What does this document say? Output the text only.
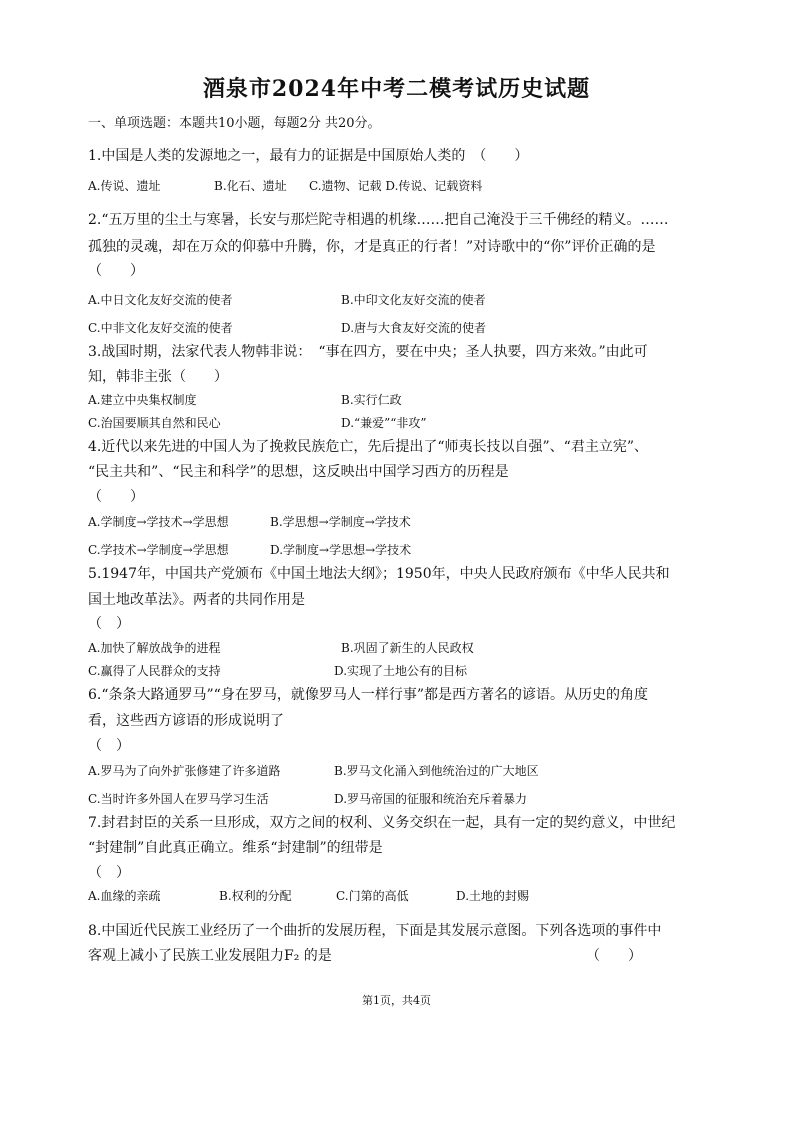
酒泉市2024年中考二模考试历史试题
一、单项选题：本题共10小题，每题2分 共20分。
1.中国是人类的发源地之一，最有力的证据是中国原始人类的　（　　）
A.传说、遗址	B.化石、遗址 C.遗物、记载 D.传说、记载资料
2.“五万里的尘土与寒暑，长安与那烂陀寺相遇的机缘……把自己淹没于三千佛经的精义。……
孤独的灵魂，却在万众的仰慕中升腾，你，才是真正的行者！”对诗歌中的“你”评价正确的是
（　　）
A.中日文化友好交流的使者	B.中印文化友好交流的使者
C.中非文化友好交流的使者	D.唐与大食友好交流的使者
3.战国时期，法家代表人物韩非说：　“事在四方，要在中央；圣人执要，四方来效。”由此可
知，韩非主张（　　）
A.建立中央集权制度	B.实行仁政
C.治国要顺其自然和民心	D.“兼爱”“非攻”
4.近代以来先进的中国人为了挽救民族危亡，先后提出了“师夷长技以自强”、“君主立宪”、
“民主共和”、“民主和科学”的思想，这反映出中国学习西方的历程是
（　　）
A.学制度→学技术→学思想	B.学思想→学制度→学技术
C.学技术→学制度→学思想	D.学制度→学思想→学技术
5.1947年，中国共产党颁布《中国土地法大纲》；1950年，中央人民政府颁布《中华人民共和
国土地改革法》。两者的共同作用是
（　）
A.加快了解放战争的进程	B.巩固了新生的人民政权
C.赢得了人民群众的支持	D.实现了土地公有的目标
6.“条条大路通罗马”“身在罗马，就像罗马人一样行事”都是西方著名的谚语。从历史的角度
看，这些西方谚语的形成说明了
（　）
A.罗马为了向外扩张修建了许多道路	B.罗马文化涌入到他统治过的广大地区
C.当时许多外国人在罗马学习生活	D.罗马帝国的征服和统治充斥着暴力
7.封君封臣的关系一旦形成，双方之间的权利、义务交织在一起，具有一定的契约意义，中世纪
“封建制”自此真正确立。维系“封建制”的纽带是
（　）
A.血缘的亲疏	B.权利的分配	C.门第的高低	D.土地的封赐
8.中国近代民族工业经历了一个曲折的发展历程，下面是其发展示意图。下列各选项的事件中
客观上减小了民族工业发展阻力F₂ 的是	（　　）
第1页，共4页
